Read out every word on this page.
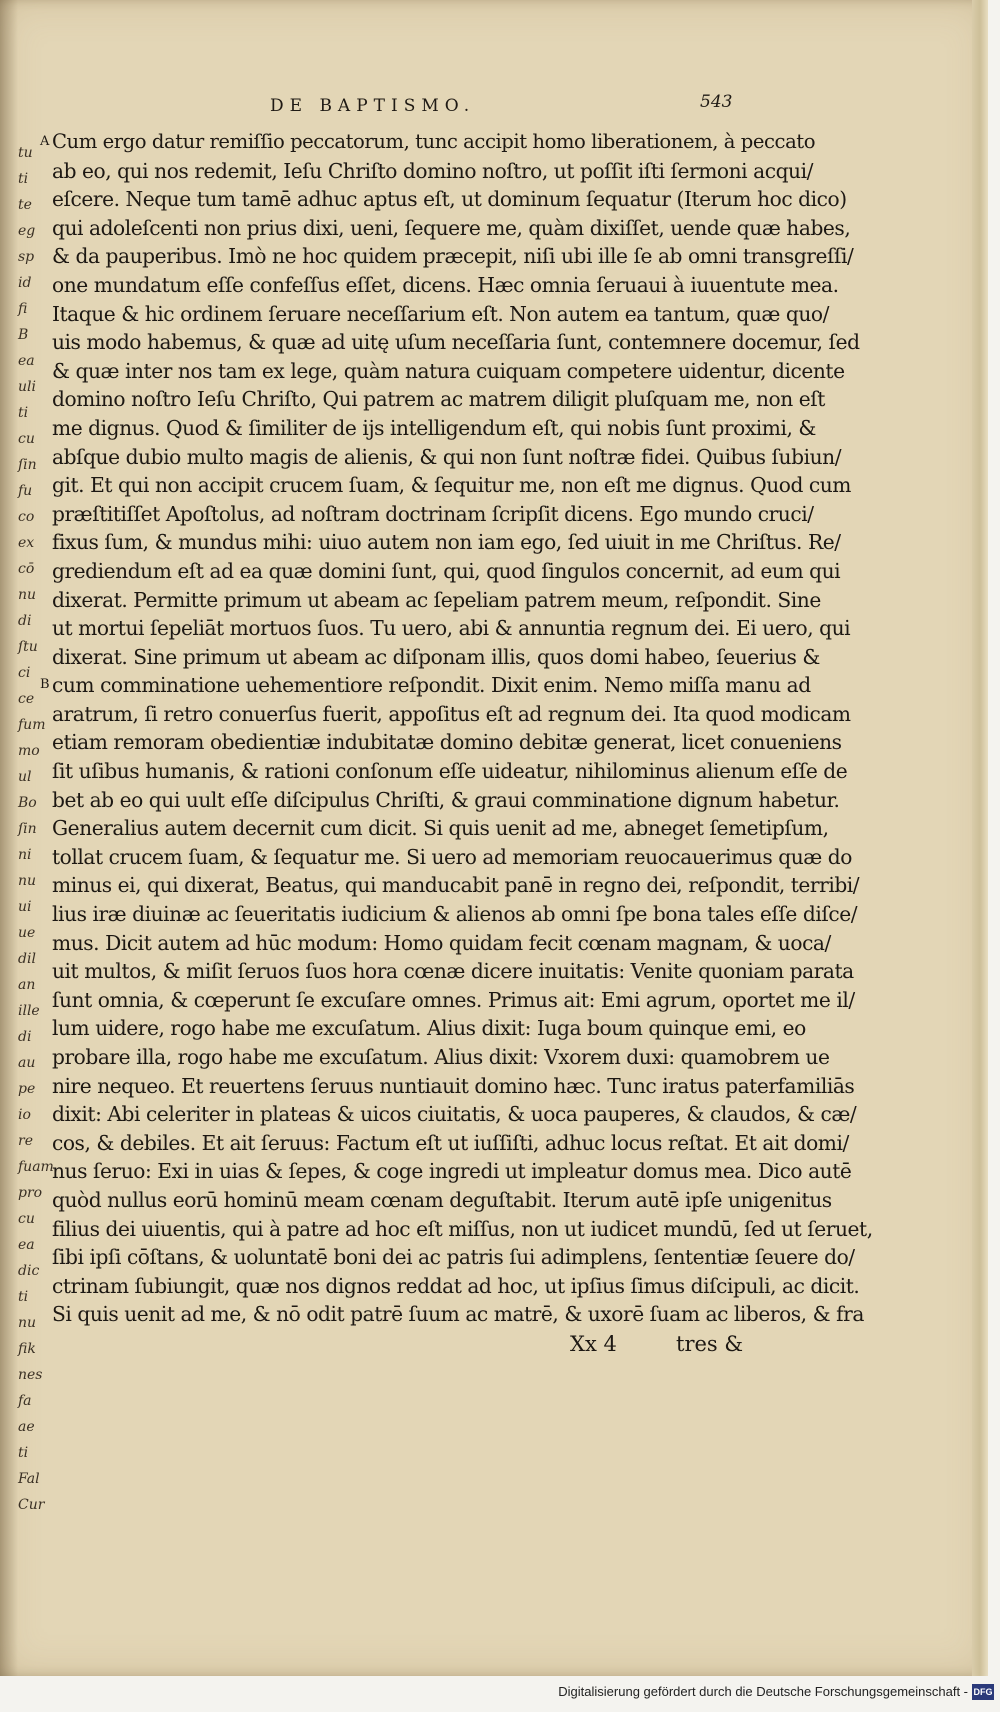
tu
ti
te
eg
sp
id
fi
B
ea
uli
ti
cu
ſin
fu
co
ex
cō
nu
di
ſtu
ci
ce
fum
mo
ul
Bo
ſin
ni
nu
ui
ue
dil
an
ille
di
au
pe
io
re
fuam
pro
cu
ea
dic
ti
nu
fik
nes
fa
ae
ti
Fal
Cur
DE BAPTISMO.	543
Cum ergo datur remiſſio peccatorum, tunc accipit homo liberationem, à peccato
ab eo, qui nos redemit, Ieſu Chriſto domino noſtro, ut poſſit iſti ſermoni acqui/
eſcere. Neque tum tamē adhuc aptus eſt, ut dominum ſequatur (Iterum hoc dico)
qui adoleſcenti non prius dixi, ueni, ſequere me, quàm dixiſſet, uende quæ habes,
& da pauperibus. Imò ne hoc quidem præcepit, niſi ubi ille ſe ab omni transgreſſi/
one mundatum eſſe confeſſus eſſet, dicens. Hæc omnia ſeruaui à iuuentute mea.
Itaque & hic ordinem ſeruare neceſſarium eſt. Non autem ea tantum, quæ quo/
uis modo habemus, & quæ ad uitę uſum neceſſaria ſunt, contemnere docemur, ſed
& quæ inter nos tam ex lege, quàm natura cuiquam competere uidentur, dicente
domino noſtro Ieſu Chriſto, Qui patrem ac matrem diligit pluſquam me, non eſt
me dignus. Quod & ſimiliter de ijs intelligendum eſt, qui nobis ſunt proximi, &
abſque dubio multo magis de alienis, & qui non ſunt noſtræ fidei. Quibus ſubiun/
git. Et qui non accipit crucem ſuam, & ſequitur me, non eſt me dignus. Quod cum
præſtitiſſet Apoſtolus, ad noſtram doctrinam ſcripſit dicens. Ego mundo cruci/
fixus ſum, & mundus mihi: uiuo autem non iam ego, ſed uiuit in me Chriſtus. Re/
grediendum eſt ad ea quæ domini ſunt, qui, quod ſingulos concernit, ad eum qui
dixerat. Permitte primum ut abeam ac ſepeliam patrem meum, reſpondit. Sine
ut mortui ſepeliāt mortuos ſuos. Tu uero, abi & annuntia regnum dei. Ei uero, qui
dixerat. Sine primum ut abeam ac diſponam illis, quos domi habeo, ſeuerius &
cum comminatione uehementiore reſpondit. Dixit enim. Nemo miſſa manu ad
aratrum, ſi retro conuerſus fuerit, appoſitus eſt ad regnum dei. Ita quod modicam
etiam remoram obedientiæ indubitatæ domino debitæ generat, licet conueniens
ſit uſibus humanis, & rationi conſonum eſſe uideatur, nihilominus alienum eſſe de
bet ab eo qui uult eſſe diſcipulus Chriſti, & graui comminatione dignum habetur.
Generalius autem decernit cum dicit. Si quis uenit ad me, abneget ſemetipſum,
tollat crucem ſuam, & ſequatur me. Si uero ad memoriam reuocauerimus quæ do
minus ei, qui dixerat, Beatus, qui manducabit panē in regno dei, reſpondit, terribi/
lius iræ diuinæ ac ſeueritatis iudicium & alienos ab omni ſpe bona tales eſſe diſce/
mus. Dicit autem ad hūc modum: Homo quidam fecit cœnam magnam, & uoca/
uit multos, & miſit ſeruos ſuos hora cœnæ dicere inuitatis: Venite quoniam parata
ſunt omnia, & cœperunt ſe excuſare omnes. Primus ait: Emi agrum, oportet me il/
lum uidere, rogo habe me excuſatum. Alius dixit: Iuga boum quinque emi, eo
probare illa, rogo habe me excuſatum. Alius dixit: Vxorem duxi: quamobrem ue
nire nequeo. Et reuertens ſeruus nuntiauit domino hæc. Tunc iratus paterfamiliās
dixit: Abi celeriter in plateas & uicos ciuitatis, & uoca pauperes, & claudos, & cæ/
cos, & debiles. Et ait ſeruus: Factum eſt ut iuſſiſti, adhuc locus reſtat. Et ait domi/
nus ſeruo: Exi in uias & ſepes, & coge ingredi ut impleatur domus mea. Dico autē
quòd nullus eorū hominū meam cœnam deguſtabit. Iterum autē ipſe unigenitus
filius dei uiuentis, qui à patre ad hoc eſt miſſus, non ut iudicet mundū, ſed ut ſeruet,
ſibi ipſi cōſtans, & uoluntatē boni dei ac patris ſui adimplens, ſententiæ ſeuere do/
ctrinam ſubiungit, quæ nos dignos reddat ad hoc, ut ipſius ſimus diſcipuli, ac dicit.
Si quis uenit ad me, & nō odit patrē ſuum ac matrē, & uxorē ſuam ac liberos, & fra
A
B
Xx 4	tres &
Digitalisierung gefördert durch die Deutsche Forschungsgemeinschaft - DFG
